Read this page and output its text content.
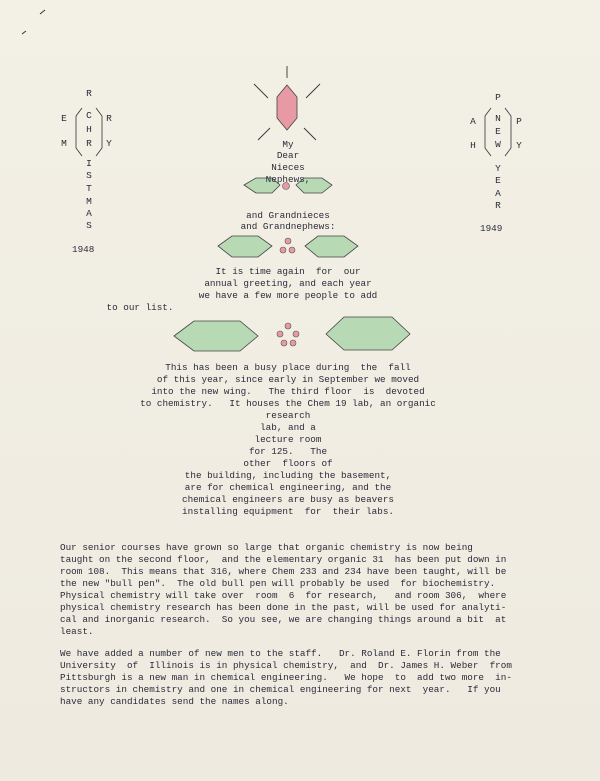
R
C
H
R
I
S
T
M
A
S
E
M
R
Y
1948
P
N
E
W
Y
E
A
R
A
H
P
Y
1949
My
Dear
Nieces
Nephews,
and Grandnieces
and Grandnephews:
It is time again  for  our
annual greeting, and each year
we have a few more people to add
to our list.
This has been a busy place during  the  fall
of this year, since early in September we moved
into the new wing.   The third floor  is  devoted
to chemistry.   It houses the Chem 19 lab, an organic
research
lab, and a
lecture room
for 125.   The
other  floors of
the building, including the basement,
are for chemical engineering, and the
chemical engineers are busy as beavers
installing equipment  for  their labs.
Our senior courses have grown so large that organic chemistry is now being
taught on the second floor,  and the elementary organic 31  has been put down in
room 108.  This means that 316, where Chem 233 and 234 have been taught, will be
the new "bull pen".  The old bull pen will probably be used  for biochemistry.
Physical chemistry will take over  room  6  for research,   and room 306,  where
physical chemistry research has been done in the past, will be used for analyti-
cal and inorganic research.  So you see, we are changing things around a bit  at
least.
We have added a number of new men to the staff.   Dr. Roland E. Florin from the
University  of  Illinois is in physical chemistry,  and  Dr. James H. Weber  from
Pittsburgh is a new man in chemical engineering.   We hope  to  add two more  in-
structors in chemistry and one in chemical engineering for next  year.   If you
have any candidates send the names along.
